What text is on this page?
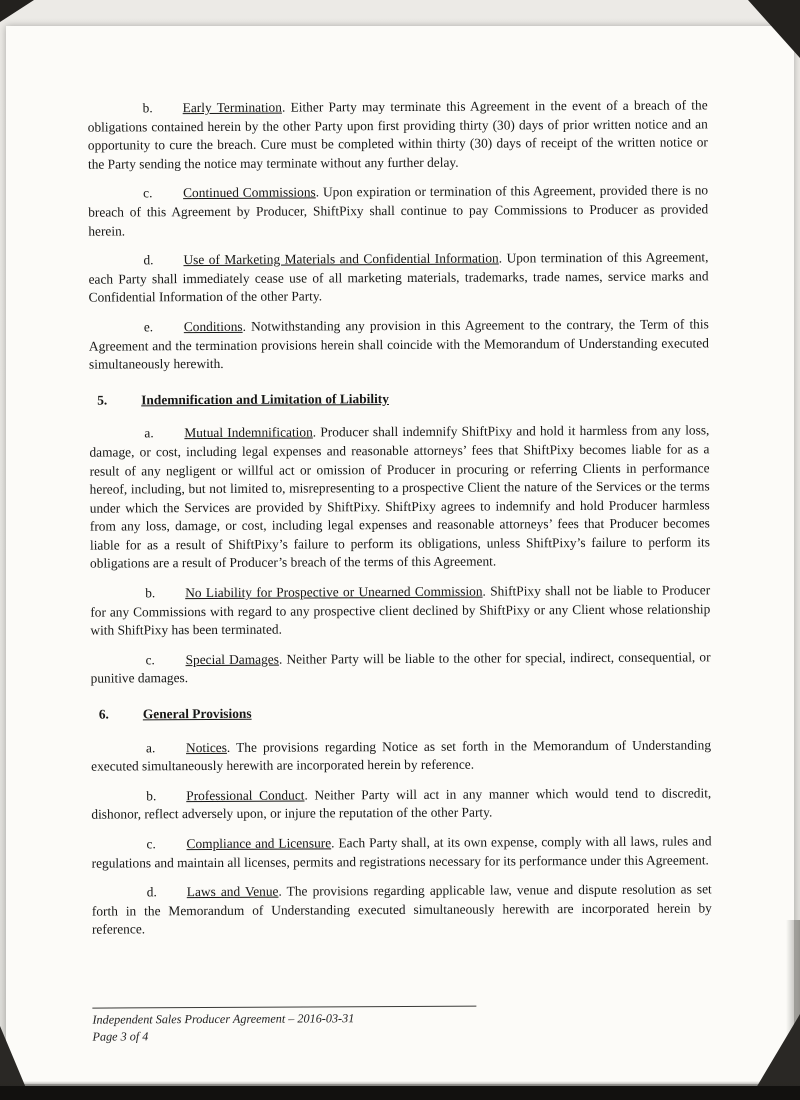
b. Early Termination. Either Party may terminate this Agreement in the event of a breach of the obligations contained herein by the other Party upon first providing thirty (30) days of prior written notice and an opportunity to cure the breach. Cure must be completed within thirty (30) days of receipt of the written notice or the Party sending the notice may terminate without any further delay.

c. Continued Commissions. Upon expiration or termination of this Agreement, provided there is no breach of this Agreement by Producer, ShiftPixy shall continue to pay Commissions to Producer as provided herein.

d. Use of Marketing Materials and Confidential Information. Upon termination of this Agreement, each Party shall immediately cease use of all marketing materials, trademarks, trade names, service marks and Confidential Information of the other Party.

e. Conditions. Notwithstanding any provision in this Agreement to the contrary, the Term of this Agreement and the termination provisions herein shall coincide with the Memorandum of Understanding executed simultaneously herewith.

5.	Indemnification and Limitation of Liability

a. Mutual Indemnification. Producer shall indemnify ShiftPixy and hold it harmless from any loss, damage, or cost, including legal expenses and reasonable attorneys’ fees that ShiftPixy becomes liable for as a result of any negligent or willful act or omission of Producer in procuring or referring Clients in performance hereof, including, but not limited to, misrepresenting to a prospective Client the nature of the Services or the terms under which the Services are provided by ShiftPixy. ShiftPixy agrees to indemnify and hold Producer harmless from any loss, damage, or cost, including legal expenses and reasonable attorneys’ fees that Producer becomes liable for as a result of ShiftPixy’s failure to perform its obligations, unless ShiftPixy’s failure to perform its obligations are a result of Producer’s breach of the terms of this Agreement.

b. No Liability for Prospective or Unearned Commission. ShiftPixy shall not be liable to Producer for any Commissions with regard to any prospective client declined by ShiftPixy or any Client whose relationship with ShiftPixy has been terminated.

c. Special Damages. Neither Party will be liable to the other for special, indirect, consequential, or punitive damages.

6.	General Provisions

a. Notices. The provisions regarding Notice as set forth in the Memorandum of Understanding executed simultaneously herewith are incorporated herein by reference.

b. Professional Conduct. Neither Party will act in any manner which would tend to discredit, dishonor, reflect adversely upon, or injure the reputation of the other Party.

c. Compliance and Licensure. Each Party shall, at its own expense, comply with all laws, rules and regulations and maintain all licenses, permits and registrations necessary for its performance under this Agreement.

d. Laws and Venue. The provisions regarding applicable law, venue and dispute resolution as set forth in the Memorandum of Understanding executed simultaneously herewith are incorporated herein by reference.

Independent Sales Producer Agreement – 2016-03-31
Page 3 of 4
